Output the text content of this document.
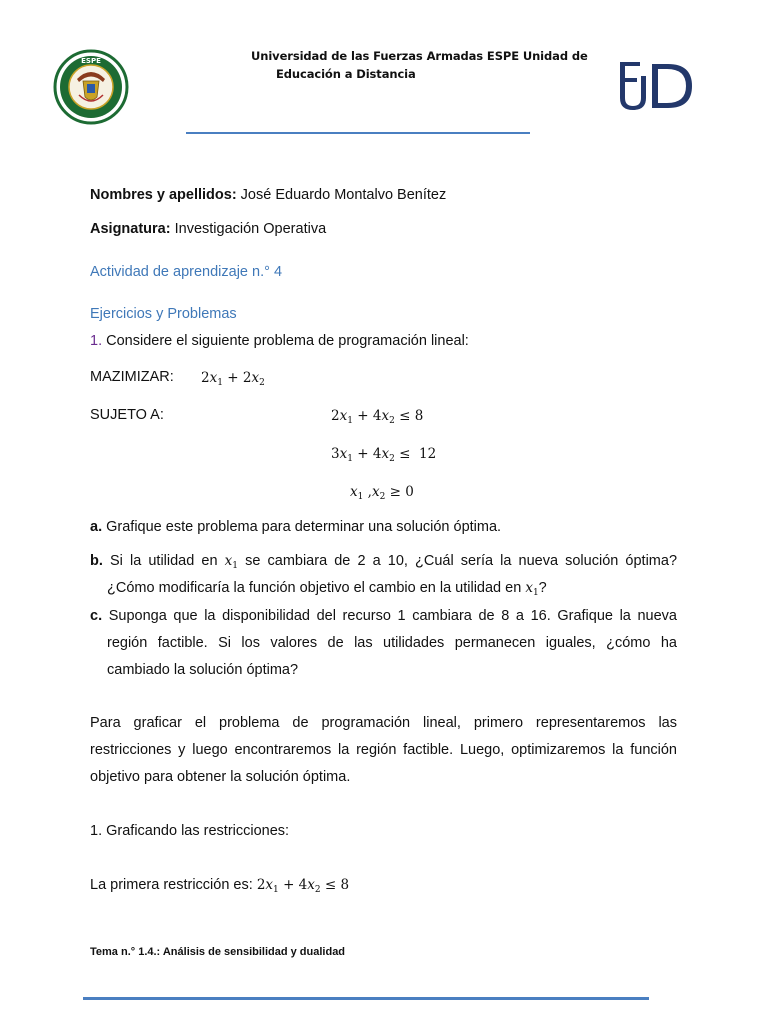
ESPE	Universidad de las Fuerzas Armadas ESPE Unidad de
Educación a Distancia
UED
Nombres y apellidos: José Eduardo Montalvo Benítez
Asignatura: Investigación Operativa
Actividad de aprendizaje n.° 4
Ejercicios y Problemas
1. Considere el siguiente problema de programación lineal:
MAZIMIZAR: $2x_1 + 2x_2$
SUJETO A:	$2x_1 + 4x_2 \le 8$
$3x_1 + 4x_2 \le 12$
$x_1$ $,x_2 \ge 0$
a. Grafique este problema para determinar una solución óptima.
b. Si la utilidad en $x_1$ se cambiara de 2 a 10, ¿Cuál sería la nueva solución óptima?
¿Cómo modificaría la función objetivo el cambio en la utilidad en $x_1$?
c. Suponga que la disponibilidad del recurso 1 cambiara de 8 a 16. Grafique la nueva
región factible. Si los valores de las utilidades permanecen iguales, ¿cómo ha
cambiado la solución óptima?
Para graficar el problema de programación lineal, primero representaremos las
restricciones y luego encontraremos la región factible. Luego, optimizaremos la función
objetivo para obtener la solución óptima.
1. Graficando las restricciones:
La primera restricción es: $2x_1 + 4x_2 \le 8$
Tema n.° 1.4.: Análisis de sensibilidad y dualidad
